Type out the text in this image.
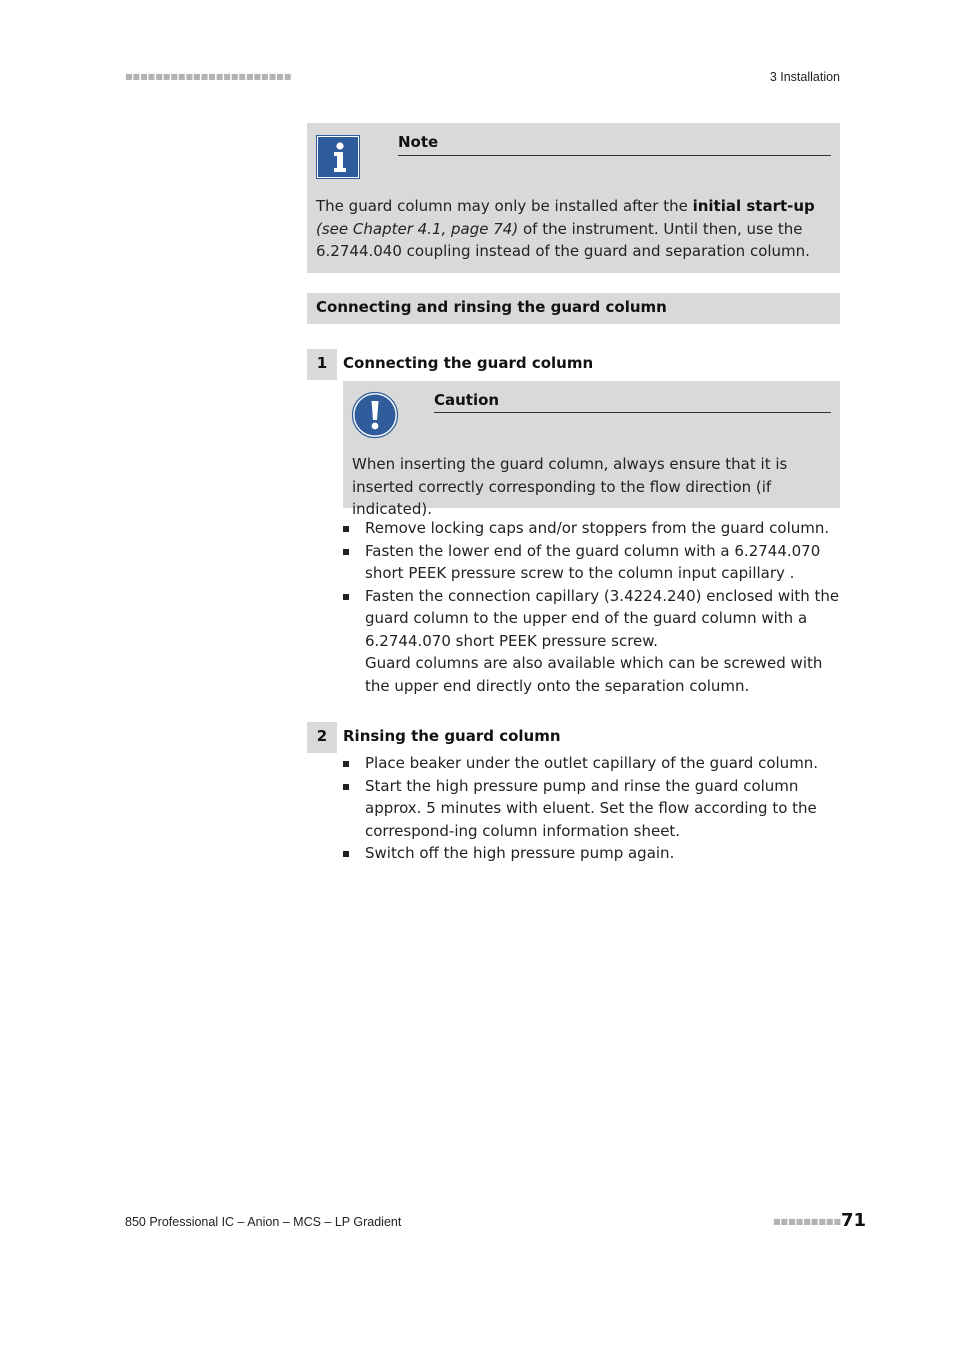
■■■■■■■■■■■■■■■■■■■■■■	3 Installation
Note
The guard column may only be installed after the initial start-up (see Chapter 4.1, page 74) of the instrument. Until then, use the 6.2744.040 coupling instead of the guard and separation column.
Connecting and rinsing the guard column
1	Connecting the guard column
Caution
When inserting the guard column, always ensure that it is inserted correctly corresponding to the flow direction (if indicated).
Remove locking caps and/or stoppers from the guard column.
Fasten the lower end of the guard column with a 6.2744.070 short PEEK pressure screw to the column input capillary .
Fasten the connection capillary (3.4224.240) enclosed with the guard column to the upper end of the guard column with a 6.2744.070 short PEEK pressure screw.
Guard columns are also available which can be screwed with the upper end directly onto the separation column.
2	Rinsing the guard column
Place beaker under the outlet capillary of the guard column.
Start the high pressure pump and rinse the guard column approx. 5 minutes with eluent. Set the flow according to the correspond-ing column information sheet.
Switch off the high pressure pump again.
850 Professional IC – Anion – MCS – LP Gradient	■■■■■■■■■ 71
